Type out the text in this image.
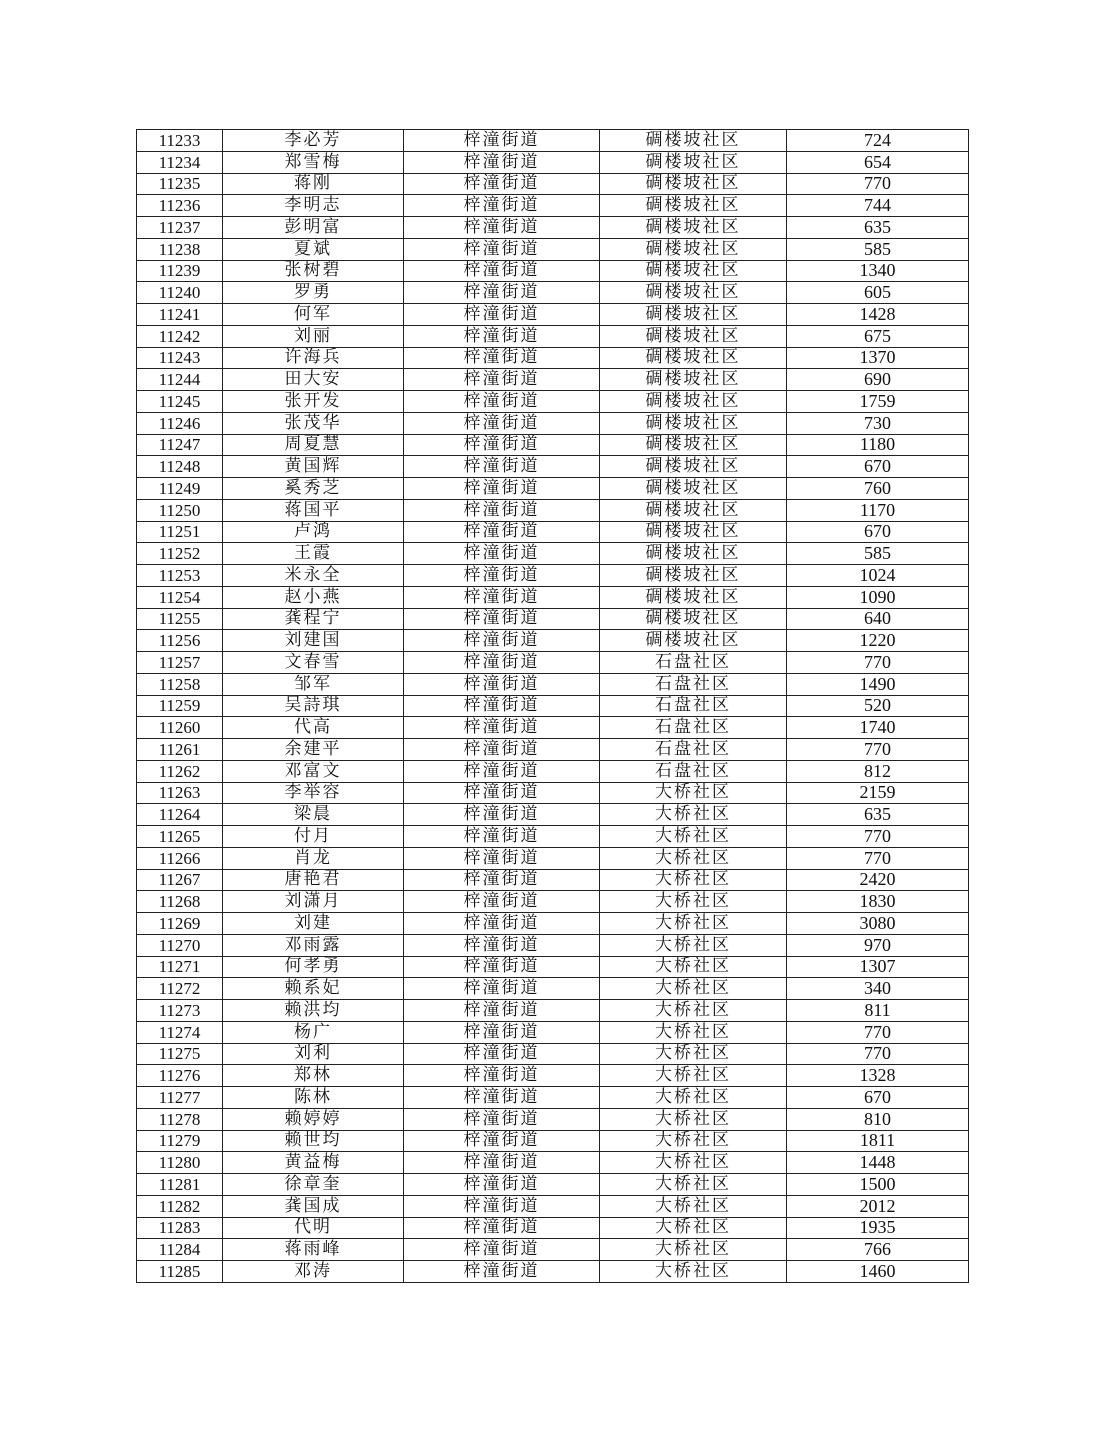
11233	李必芳	梓潼街道	碉楼坡社区	724
11234	郑雪梅	梓潼街道	碉楼坡社区	654
11235	蒋刚	梓潼街道	碉楼坡社区	770
11236	李明志	梓潼街道	碉楼坡社区	744
11237	彭明富	梓潼街道	碉楼坡社区	635
11238	夏斌	梓潼街道	碉楼坡社区	585
11239	张树碧	梓潼街道	碉楼坡社区	1340
11240	罗勇	梓潼街道	碉楼坡社区	605
11241	何军	梓潼街道	碉楼坡社区	1428
11242	刘丽	梓潼街道	碉楼坡社区	675
11243	许海兵	梓潼街道	碉楼坡社区	1370
11244	田大安	梓潼街道	碉楼坡社区	690
11245	张开发	梓潼街道	碉楼坡社区	1759
11246	张茂华	梓潼街道	碉楼坡社区	730
11247	周夏慧	梓潼街道	碉楼坡社区	1180
11248	黄国辉	梓潼街道	碉楼坡社区	670
11249	奚秀芝	梓潼街道	碉楼坡社区	760
11250	蒋国平	梓潼街道	碉楼坡社区	1170
11251	卢鸿	梓潼街道	碉楼坡社区	670
11252	王霞	梓潼街道	碉楼坡社区	585
11253	米永全	梓潼街道	碉楼坡社区	1024
11254	赵小燕	梓潼街道	碉楼坡社区	1090
11255	龚程宁	梓潼街道	碉楼坡社区	640
11256	刘建国	梓潼街道	碉楼坡社区	1220
11257	文春雪	梓潼街道	石盘社区	770
11258	邹军	梓潼街道	石盘社区	1490
11259	吴詩琪	梓潼街道	石盘社区	520
11260	代高	梓潼街道	石盘社区	1740
11261	余建平	梓潼街道	石盘社区	770
11262	邓富文	梓潼街道	石盘社区	812
11263	李举容	梓潼街道	大桥社区	2159
11264	梁晨	梓潼街道	大桥社区	635
11265	付月	梓潼街道	大桥社区	770
11266	肖龙	梓潼街道	大桥社区	770
11267	唐艳君	梓潼街道	大桥社区	2420
11268	刘潇月	梓潼街道	大桥社区	1830
11269	刘建	梓潼街道	大桥社区	3080
11270	邓雨露	梓潼街道	大桥社区	970
11271	何孝勇	梓潼街道	大桥社区	1307
11272	赖系妃	梓潼街道	大桥社区	340
11273	赖洪均	梓潼街道	大桥社区	811
11274	杨广	梓潼街道	大桥社区	770
11275	刘利	梓潼街道	大桥社区	770
11276	郑林	梓潼街道	大桥社区	1328
11277	陈林	梓潼街道	大桥社区	670
11278	赖婷婷	梓潼街道	大桥社区	810
11279	赖世均	梓潼街道	大桥社区	1811
11280	黄益梅	梓潼街道	大桥社区	1448
11281	徐章奎	梓潼街道	大桥社区	1500
11282	龚国成	梓潼街道	大桥社区	2012
11283	代明	梓潼街道	大桥社区	1935
11284	蒋雨峰	梓潼街道	大桥社区	766
11285	邓涛	梓潼街道	大桥社区	1460
